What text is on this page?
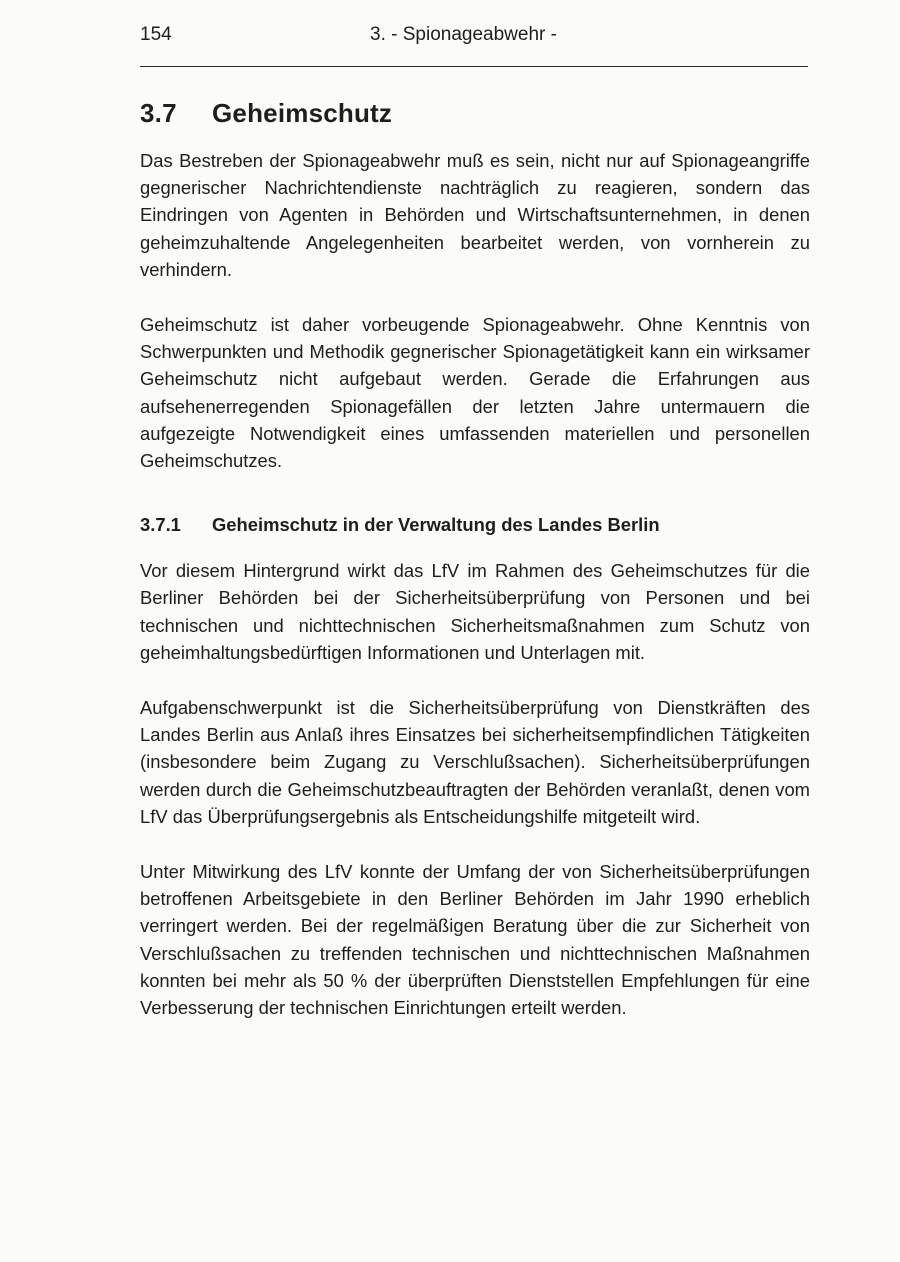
154	3. - Spionageabwehr -
3.7 Geheimschutz

Das Bestreben der Spionageabwehr muß es sein, nicht nur auf Spionageangriffe gegnerischer Nachrichtendienste nachträglich zu reagieren, sondern das Eindringen von Agenten in Behörden und Wirtschaftsunternehmen, in denen geheimzuhaltende Angelegenheiten bearbeitet werden, von vornherein zu verhindern.

Geheimschutz ist daher vorbeugende Spionageabwehr. Ohne Kenntnis von Schwerpunkten und Methodik gegnerischer Spionagetätigkeit kann ein wirksamer Geheimschutz nicht aufgebaut werden. Gerade die Erfahrungen aus aufsehenerregenden Spionagefällen der letzten Jahre untermauern die aufgezeigte Notwendigkeit eines umfassenden materiellen und personellen Geheimschutzes.

3.7.1 Geheimschutz in der Verwaltung des Landes Berlin

Vor diesem Hintergrund wirkt das LfV im Rahmen des Geheimschutzes für die Berliner Behörden bei der Sicherheitsüberprüfung von Personen und bei technischen und nichttechnischen Sicherheitsmaßnahmen zum Schutz von geheimhaltungsbedürftigen Informationen und Unterlagen mit.

Aufgabenschwerpunkt ist die Sicherheitsüberprüfung von Dienstkräften des Landes Berlin aus Anlaß ihres Einsatzes bei sicherheitsempfindlichen Tätigkeiten (insbesondere beim Zugang zu Verschlußsachen). Sicherheitsüberprüfungen werden durch die Geheimschutzbeauftragten der Behörden veranlaßt, denen vom LfV das Überprüfungsergebnis als Entscheidungshilfe mitgeteilt wird.

Unter Mitwirkung des LfV konnte der Umfang der von Sicherheitsüberprüfungen betroffenen Arbeitsgebiete in den Berliner Behörden im Jahr 1990 erheblich verringert werden. Bei der regelmäßigen Beratung über die zur Sicherheit von Verschlußsachen zu treffenden technischen und nichttechnischen Maßnahmen konnten bei mehr als 50 % der überprüften Dienststellen Empfehlungen für eine Verbesserung der technischen Einrichtungen erteilt werden.
